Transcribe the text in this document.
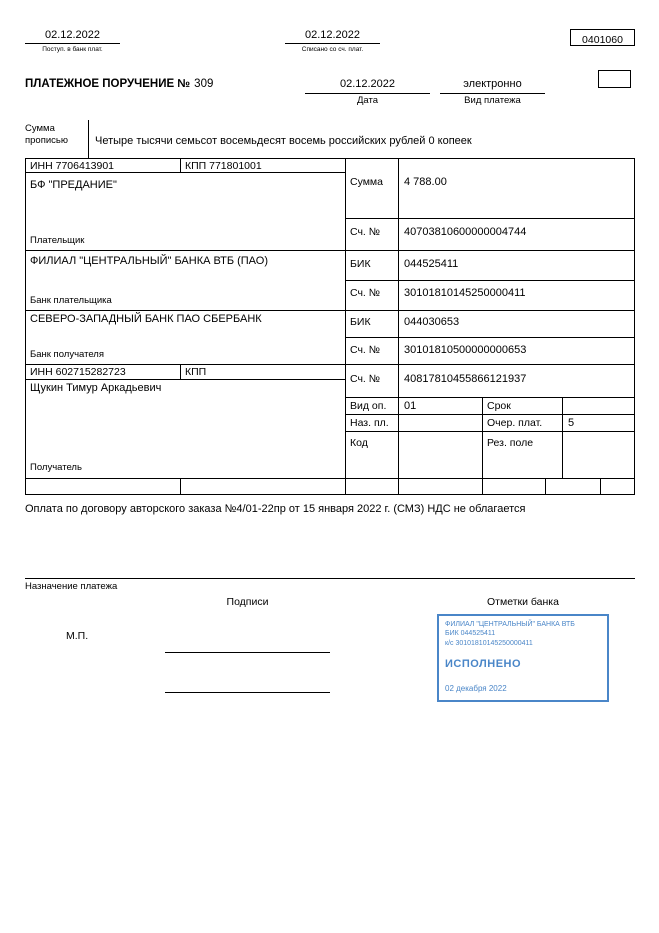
02.12.2022
Поступ. в банк плат.
02.12.2022
Списано со сч. плат.
0401060
ПЛАТЕЖНОЕ ПОРУЧЕНИЕ № 309	02.12.2022
Дата
электронно
Вид платежа
Сумма
прописью Четыре тысячи семьсот восемьдесят восемь российских рублей 0 копеек
ИНН 7706413901	КПП 771801001
БФ "ПРЕДАНИЕ"
Плательщик
ФИЛИАЛ "ЦЕНТРАЛЬНЫЙ" БАНКА ВТБ (ПАО)
Банк плательщика
СЕВЕРО-ЗАПАДНЫЙ БАНК ПАО СБЕРБАНК
Банк получателя
ИНН 602715282723	КПП
Щукин Тимур Аркадьевич
Получатель
Сумма 4 788.00
Сч. № 40703810600000004744
БИК	044525411
Сч. № 30101810145250000411
БИК	044030653
Сч. № 30101810500000000653
Сч. № 40817810455866121937
Вид оп. 01	Срок
Наз. пл.	Очер. плат. 5
Код	Рез. поле
Оплата по договору авторского заказа №4/01-22пр от 15 января 2022 г. (СМЗ) НДС не облагается
Назначение платежа
Подписи	Отметки банка
М.П.
ФИЛИАЛ "ЦЕНТРАЛЬНЫЙ" БАНКА ВТБ
БИК 044525411
к/с 30101810145250000411
ИСПОЛНЕНО
02 декабря 2022
